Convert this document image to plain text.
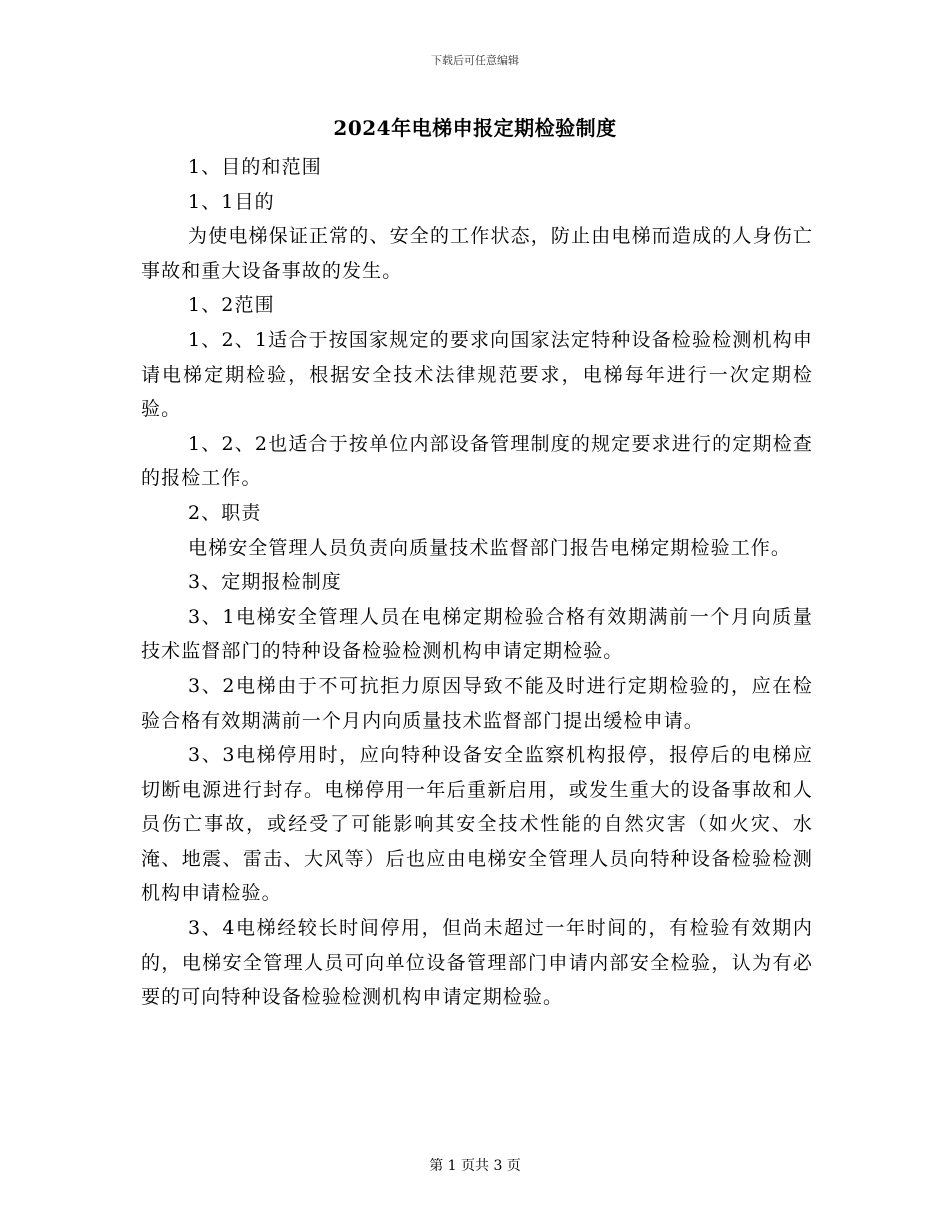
下载后可任意编辑
2024年电梯申报定期检验制度

1、目的和范围

1、1目的

为使电梯保证正常的、安全的工作状态，防止由电梯而造成的人身伤亡事故和重大设备事故的发生。

1、2范围

1、2、1适合于按国家规定的要求向国家法定特种设备检验检测机构申请电梯定期检验，根据安全技术法律规范要求，电梯每年进行一次定期检验。

1、2、2也适合于按单位内部设备管理制度的规定要求进行的定期检查的报检工作。

2、职责

电梯安全管理人员负责向质量技术监督部门报告电梯定期检验工作。

3、定期报检制度

3、1电梯安全管理人员在电梯定期检验合格有效期满前一个月向质量技术监督部门的特种设备检验检测机构申请定期检验。

3、2电梯由于不可抗拒力原因导致不能及时进行定期检验的，应在检验合格有效期满前一个月内向质量技术监督部门提出缓检申请。

3、3电梯停用时，应向特种设备安全监察机构报停，报停后的电梯应切断电源进行封存。电梯停用一年后重新启用，或发生重大的设备事故和人员伤亡事故，或经受了可能影响其安全技术性能的自然灾害（如火灾、水淹、地震、雷击、大风等）后也应由电梯安全管理人员向特种设备检验检测机构申请检验。

3、4电梯经较长时间停用，但尚未超过一年时间的，有检验有效期内的，电梯安全管理人员可向单位设备管理部门申请内部安全检验，认为有必要的可向特种设备检验检测机构申请定期检验。

第 1 页共 3 页
